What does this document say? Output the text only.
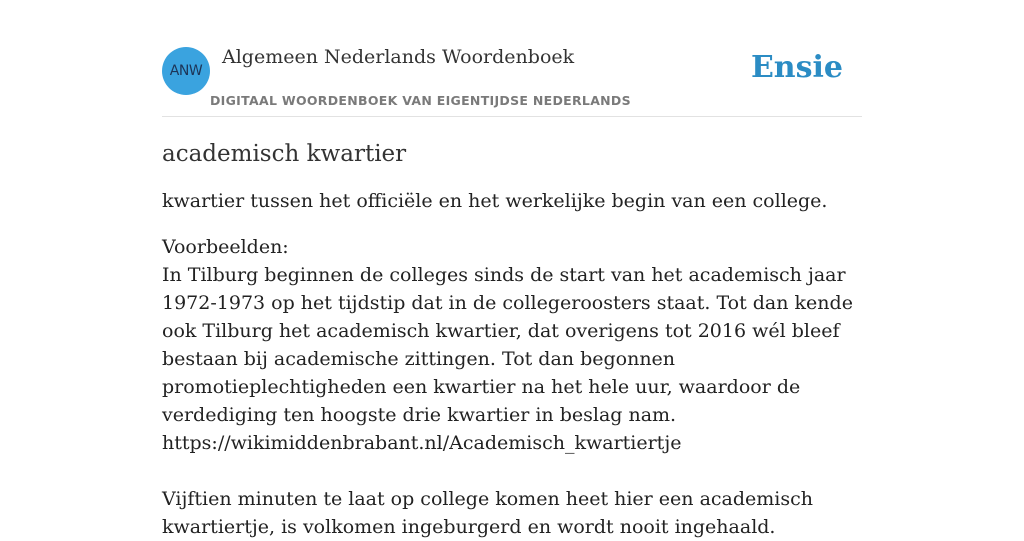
ANW
Algemeen Nederlands Woordenboek
DIGITAAL WOORDENBOEK VAN EIGENTIJDSE NEDERLANDS
Ensie
academisch kwartier

kwartier tussen het officiële en het werkelijke begin van een college.

Voorbeelden:

In Tilburg beginnen de colleges sinds de start van het academisch jaar 1972-1973 op het tijdstip dat in de collegeroosters staat. Tot dan kende ook Tilburg het academisch kwartier, dat overigens tot 2016 wél bleef bestaan bij academische zittingen. Tot dan begonnen promotieplechtigheden een kwartier na het hele uur, waardoor de verdediging ten hoogste drie kwartier in beslag nam.
https://wikimiddenbrabant.nl/Academisch_kwartiertje

Vijftien minuten te laat op college komen heet hier een academisch kwartiertje, is volkomen ingeburgerd en wordt nooit ingehaald.
